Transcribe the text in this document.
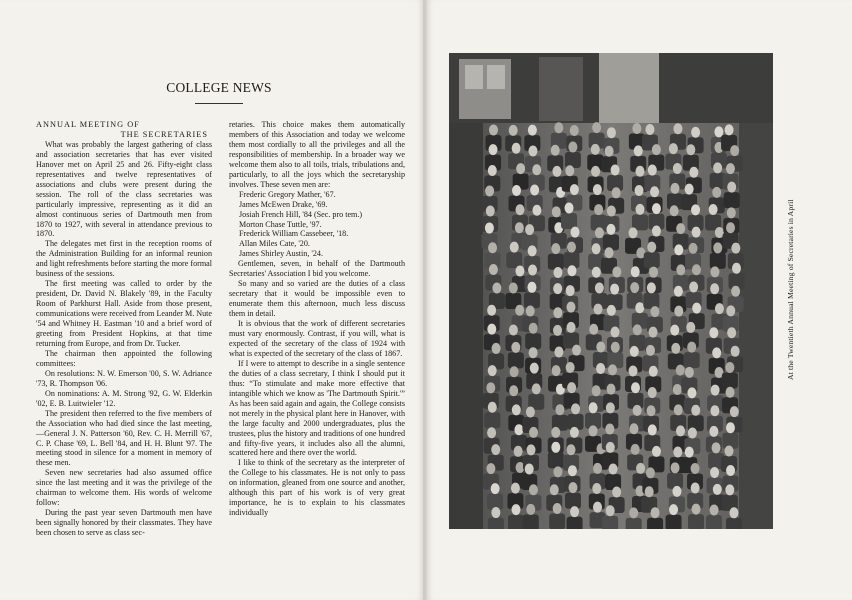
COLLEGE NEWS

ANNUAL MEETING OF

THE SECRETARIES

What was probably the largest gathering of class and association secretaries that has ever visited Hanover met on April 25 and 26. Fifty-eight class representatives and twelve representatives of associations and clubs were present during the session. The roll of the class secretaries was particularly impressive, representing as it did an almost continuous series of Dartmouth men from 1870 to 1927, with several in attendance previous to 1870.

The delegates met first in the reception rooms of the Administration Building for an informal reunion and light refreshments before starting the more formal business of the sessions.

The first meeting was called to order by the president, Dr. David N. Blakely '89, in the Faculty Room of Parkhurst Hall. Aside from those present, communications were received from Leander M. Nute '54 and Whitney H. Eastman '10 and a brief word of greeting from President Hopkins, at that time returning from Europe, and from Dr. Tucker.

The chairman then appointed the following committees:

On resolutions: N. W. Emerson '00, S. W. Adriance '73, R. Thompson '06.

On nominations: A. M. Strong '92, G. W. Elderkin '02, E. B. Luitwieler '12.

The president then referred to the five members of the Association who had died since the last meeting,—General J. N. Patterson '60, Rev. C. H. Merrill '67, C. P. Chase '69, L. Bell '84, and H. H. Blunt '97. The meeting stood in silence for a moment in memory of these men.

Seven new secretaries had also assumed office since the last meeting and it was the privilege of the chairman to welcome them. His words of welcome follow:

During the past year seven Dartmouth men have been signally honored by their classmates. They have been chosen to serve as class sec-

retaries. This choice makes them automatically members of this Association and today we welcome them most cordially to all the privileges and all the responsibilities of membership. In a broader way we welcome them also to all toils, trials, tribulations and, particularly, to all the joys which the secretaryship involves. These seven men are:

Frederic Gregory Mather, '67.

James McEwen Drake, '69.

Josiah French Hill, '84 (Sec. pro tem.)

Morton Chase Tuttle, '97.

Frederick William Cassebeer, '18.

Allan Miles Cate, '20.

James Shirley Austin, '24.

Gentlemen, seven, in behalf of the Dartmouth Secretaries' Association I bid you welcome.

So many and so varied are the duties of a class secretary that it would be impossible even to enumerate them this afternoon, much less discuss them in detail.

It is obvious that the work of different secretaries must vary enormously. Contrast, if you will, what is expected of the secretary of the class of 1924 with what is expected of the secretary of the class of 1867.

If I were to attempt to describe in a single sentence the duties of a class secretary, I think I should put it thus: “To stimulate and make more effective that intangible which we know as 'The Dartmouth Spirit.'” As has been said again and again, the College consists not merely in the physical plant here in Hanover, with the large faculty and 2000 undergraduates, plus the trustees, plus the history and traditions of one hundred and fifty-five years, it includes also all the alumni, scattered here and there over the world.

I like to think of the secretary as the interpreter of the College to his classmates. He is not only to pass on information, gleaned from one source and another, although this part of his work is of very great importance, he is to explain to his classmates individually

At the Twentieth Annual Meeting of Secretaries in April
